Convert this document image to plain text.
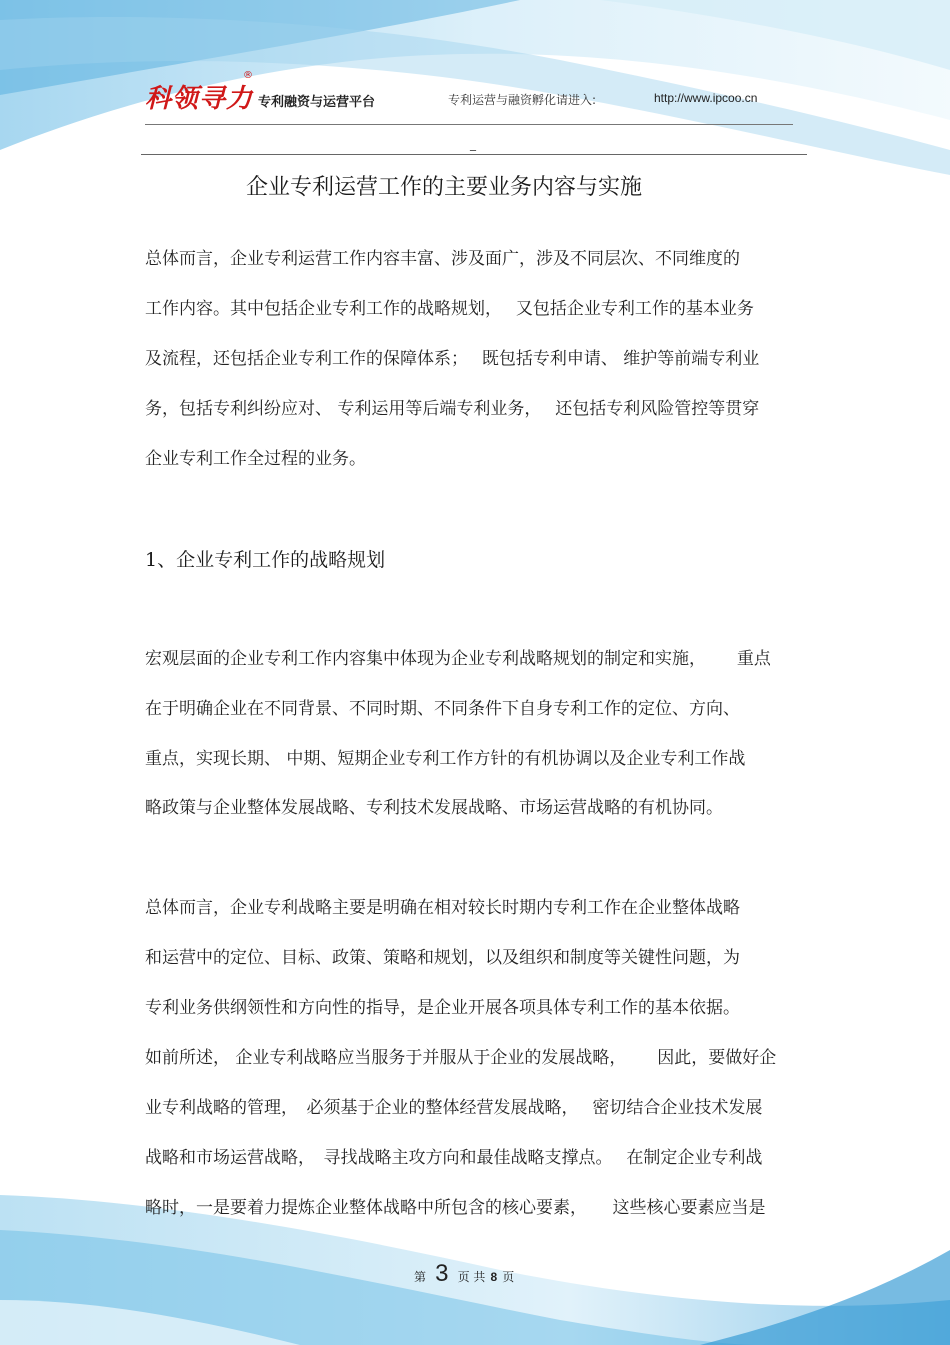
科领寻力
®
专利融资与运营平台	专利运营与融资孵化请进入:	http://www.ipcoo.cn
_
企业专利运营工作的主要业务内容与实施
总体而言，企业专利运营工作内容丰富、涉及面广，涉及不同层次、不同维度的
工作内容。其中包括企业专利工作的战略规划，　 又包括企业专利工作的基本业务
及流程，还包括企业专利工作的保障体系；　 既包括专利申请、 维护等前端专利业
务，包括专利纠纷应对、 专利运用等后端专利业务，　 还包括专利风险管控等贯穿
企业专利工作全过程的业务。
1、企业专利工作的战略规划
宏观层面的企业专利工作内容集中体现为企业专利战略规划的制定和实施，　　 重点
在于明确企业在不同背景、不同时期、不同条件下自身专利工作的定位、方向、
重点，实现长期、 中期、短期企业专利工作方针的有机协调以及企业专利工作战
略政策与企业整体发展战略、专利技术发展战略、市场运营战略的有机协同。
总体而言，企业专利战略主要是明确在相对较长时期内专利工作在企业整体战略
和运营中的定位、目标、政策、策略和规划，以及组织和制度等关键性问题，为
专利业务供纲领性和方向性的指导，是企业开展各项具体专利工作的基本依据。
如前所述， 企业专利战略应当服务于并服从于企业的发展战略，　　 因此，要做好企
业专利战略的管理，　必须基于企业的整体经营发展战略，　 密切结合企业技术发展
战略和市场运营战略，　寻找战略主攻方向和最佳战略支撑点。　 在制定企业专利战
略时，一是要着力提炼企业整体战略中所包含的核心要素，　　这些核心要素应当是
第 3 页 共 8 页
